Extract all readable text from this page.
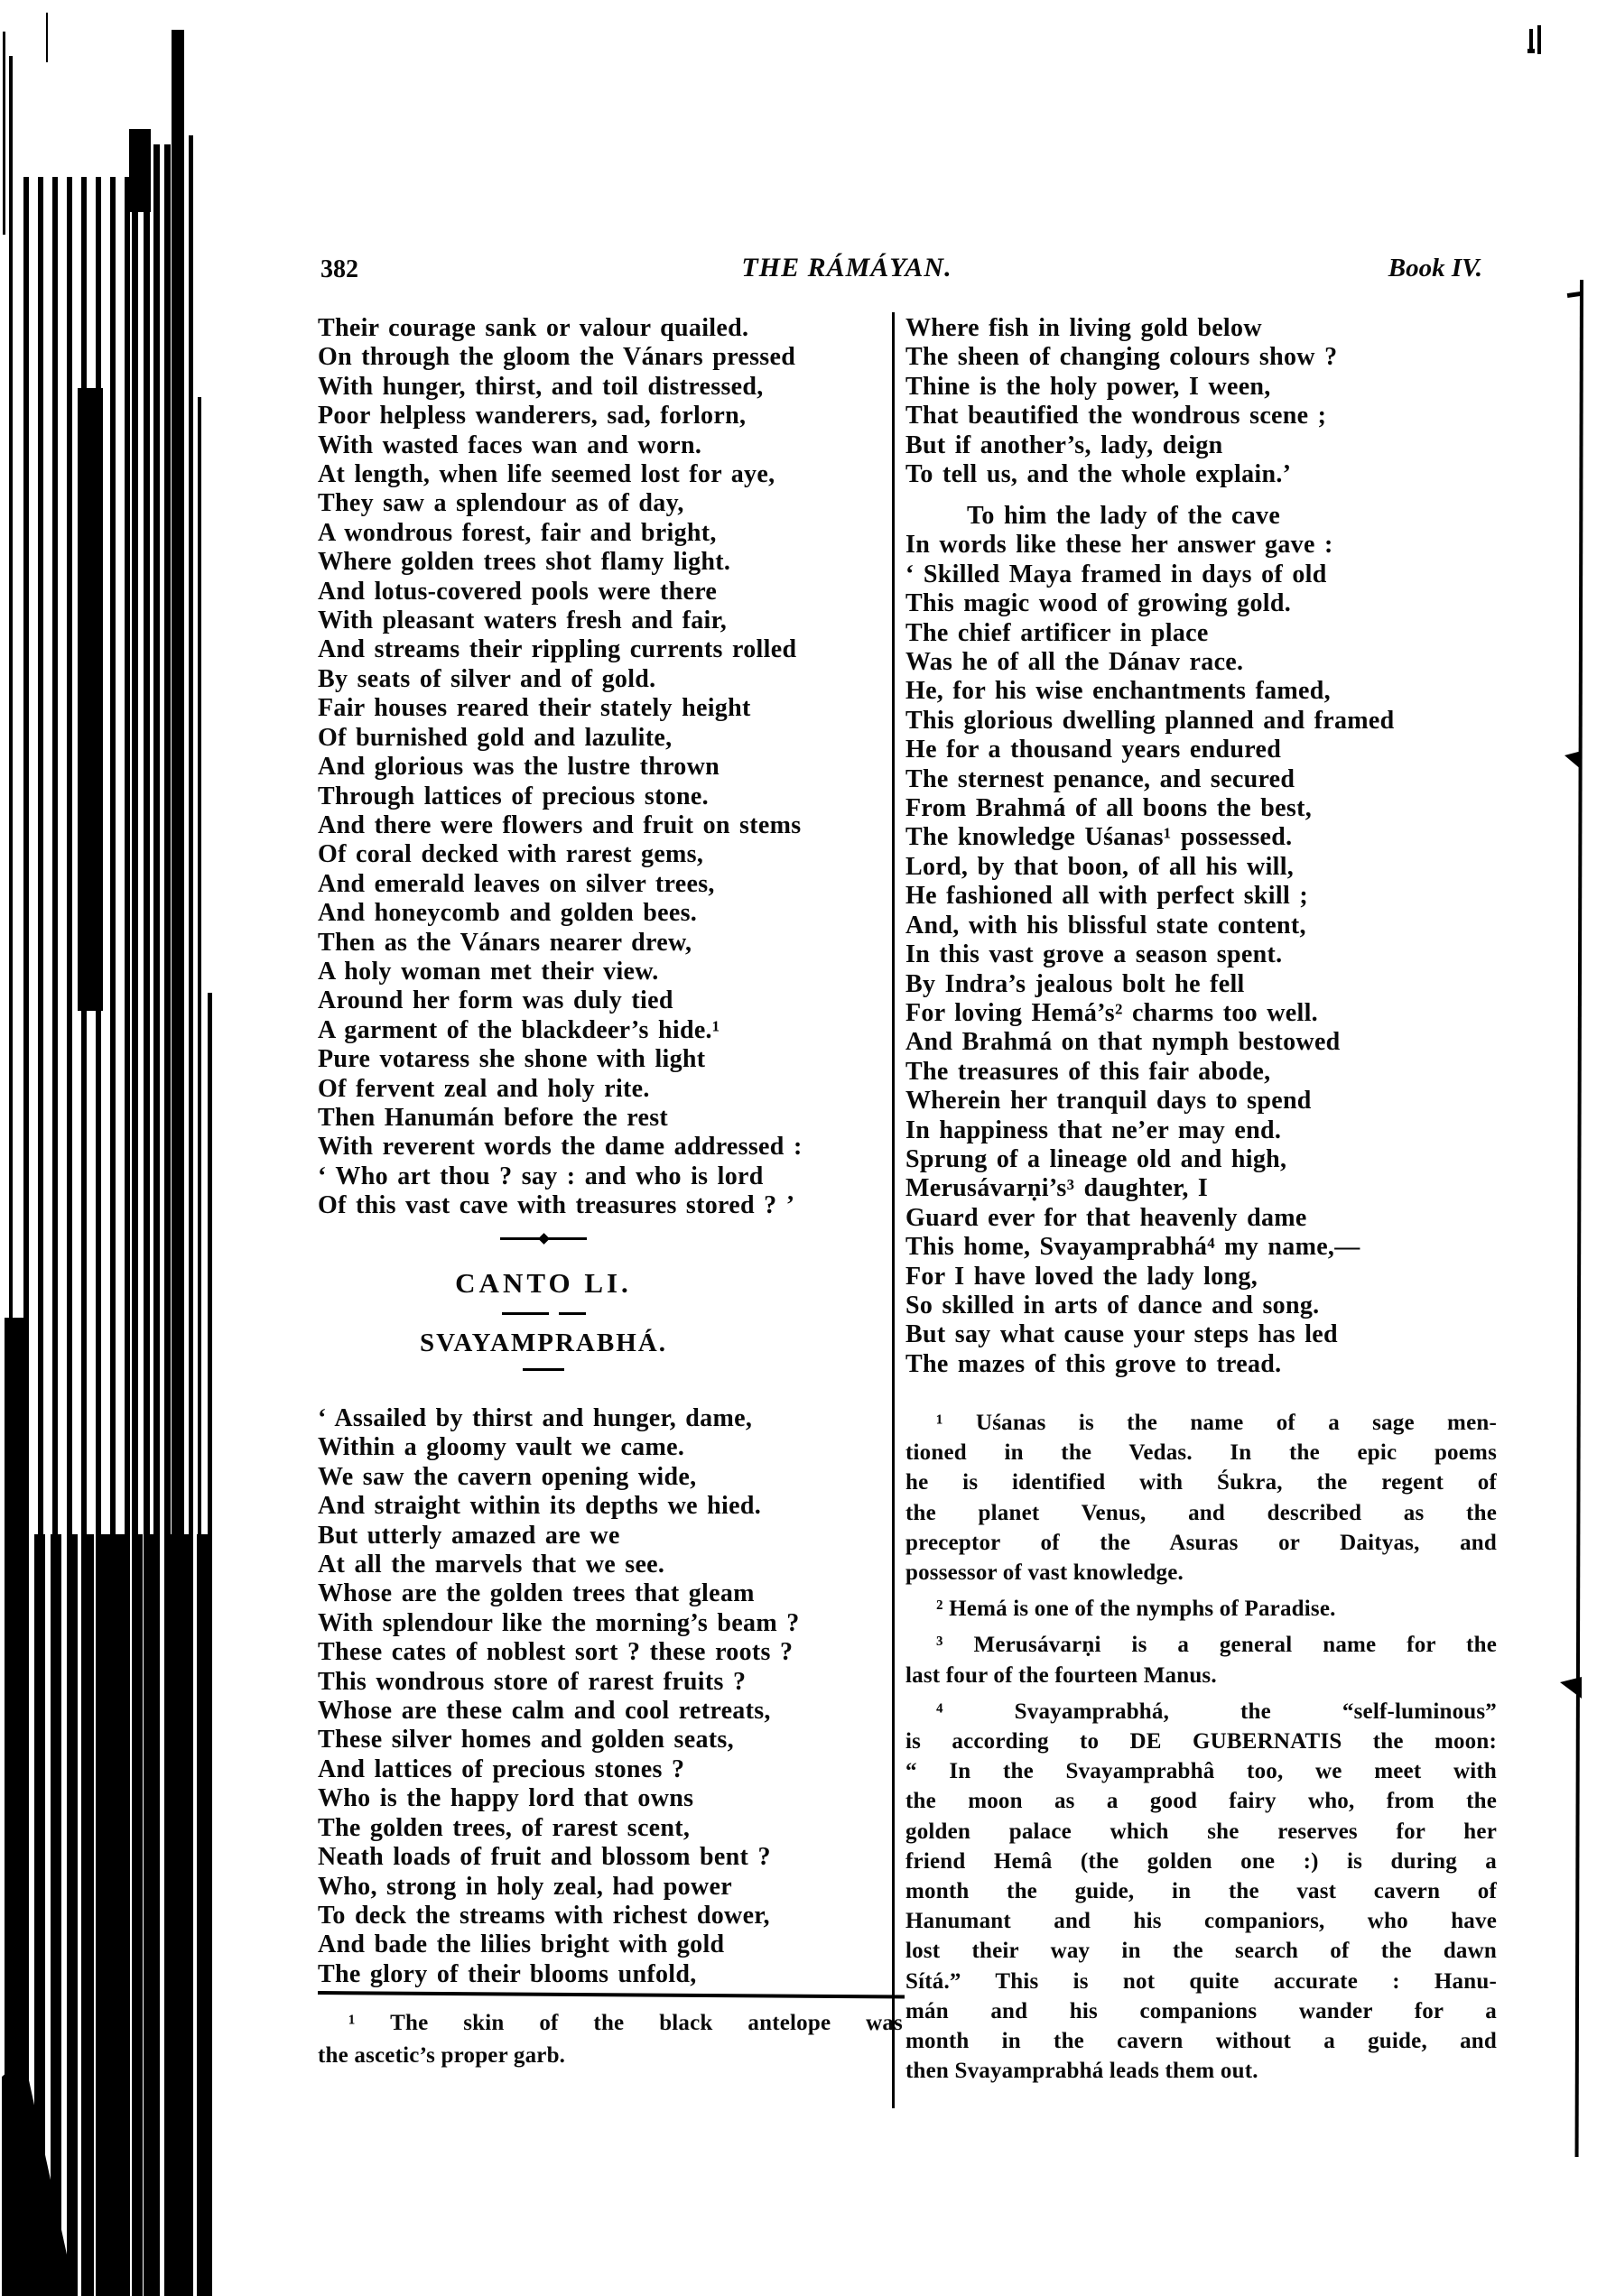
382	THE RÁMÁYAN.	Book IV.
Their courage sank or valour quailed.
On through the gloom the Vánars pressed
With hunger, thirst, and toil distressed,
Poor helpless wanderers, sad, forlorn,
With wasted faces wan and worn.
At length, when life seemed lost for aye,
They saw a splendour as of day,
A wondrous forest, fair and bright,
Where golden trees shot flamy light.
And lotus-covered pools were there
With pleasant waters fresh and fair,
And streams their rippling currents rolled
By seats of silver and of gold.
Fair houses reared their stately height
Of burnished gold and lazulite,
And glorious was the lustre thrown
Through lattices of precious stone.
And there were flowers and fruit on stems
Of coral decked with rarest gems,
And emerald leaves on silver trees,
And honeycomb and golden bees.
Then as the Vánars nearer drew,
A holy woman met their view.
Around her form was duly tied
A garment of the blackdeer’s hide.¹
Pure votaress she shone with light
Of fervent zeal and holy rite.
Then Hanumán before the rest
With reverent words the dame addressed :
‘ Who art thou ? say : and who is lord
Of this vast cave with treasures stored ? ’
CANTO LI.
SVAYAMPRABHÁ.
‘ Assailed by thirst and hunger, dame,
Within a gloomy vault we came.
We saw the cavern opening wide,
And straight within its depths we hied.
But utterly amazed are we
At all the marvels that we see.
Whose are the golden trees that gleam
With splendour like the morning’s beam ?
These cates of noblest sort ? these roots ?
This wondrous store of rarest fruits ?
Whose are these calm and cool retreats,
These silver homes and golden seats,
And lattices of precious stones ?
Who is the happy lord that owns
The golden trees, of rarest scent,
Neath loads of fruit and blossom bent ?
Who, strong in holy zeal, had power
To deck the streams with richest dower,
And bade the lilies bright with gold
The glory of their blooms unfold,
¹ The skin of the black antelope was
the ascetic’s proper garb.
Where fish in living gold below
The sheen of changing colours show ?
Thine is the holy power, I ween,
That beautified the wondrous scene ;
But if another’s, lady, deign
To tell us, and the whole explain.’
To him the lady of the cave
In words like these her answer gave :
‘ Skilled Maya framed in days of old
This magic wood of growing gold.
The chief artificer in place
Was he of all the Dánav race.
He, for his wise enchantments famed,
This glorious dwelling planned and framed
He for a thousand years endured
The sternest penance, and secured
From Brahmá of all boons the best,
The knowledge Uśanas¹ possessed.
Lord, by that boon, of all his will,
He fashioned all with perfect skill ;
And, with his blissful state content,
In this vast grove a season spent.
By Indra’s jealous bolt he fell
For loving Hemá’s² charms too well.
And Brahmá on that nymph bestowed
The treasures of this fair abode,
Wherein her tranquil days to spend
In happiness that ne’er may end.
Sprung of a lineage old and high,
Merusávarṇi’s³ daughter, I
Guard ever for that heavenly dame
This home, Svayamprabhá⁴ my name,—
For I have loved the lady long,
So skilled in arts of dance and song.
But say what cause your steps has led
The mazes of this grove to tread.
¹ Uśanas is the name of a sage men-
tioned in the Vedas. In the epic poems
he is identified with Śukra, the regent of
the planet Venus, and described as the
preceptor of the Asuras or Daityas, and
possessor of vast knowledge.
² Hemá is one of the nymphs of Paradise.
³ Merusávarṇi is a general name for the
last four of the fourteen Manus.
⁴ Svayamprabhá, the “self-luminous”
is according to DE GUBERNATIS the moon:
“ In the Svayamprabhâ too, we meet with
the moon as a good fairy who, from the
golden palace which she reserves for her
friend Hemâ (the golden one :) is during a
month the guide, in the vast cavern of
Hanumant and his companiors, who have
lost their way in the search of the dawn
Sítá.” This is not quite accurate : Hanu-
mán and his companions wander for a
month in the cavern without a guide, and
then Svayamprabhá leads them out.
